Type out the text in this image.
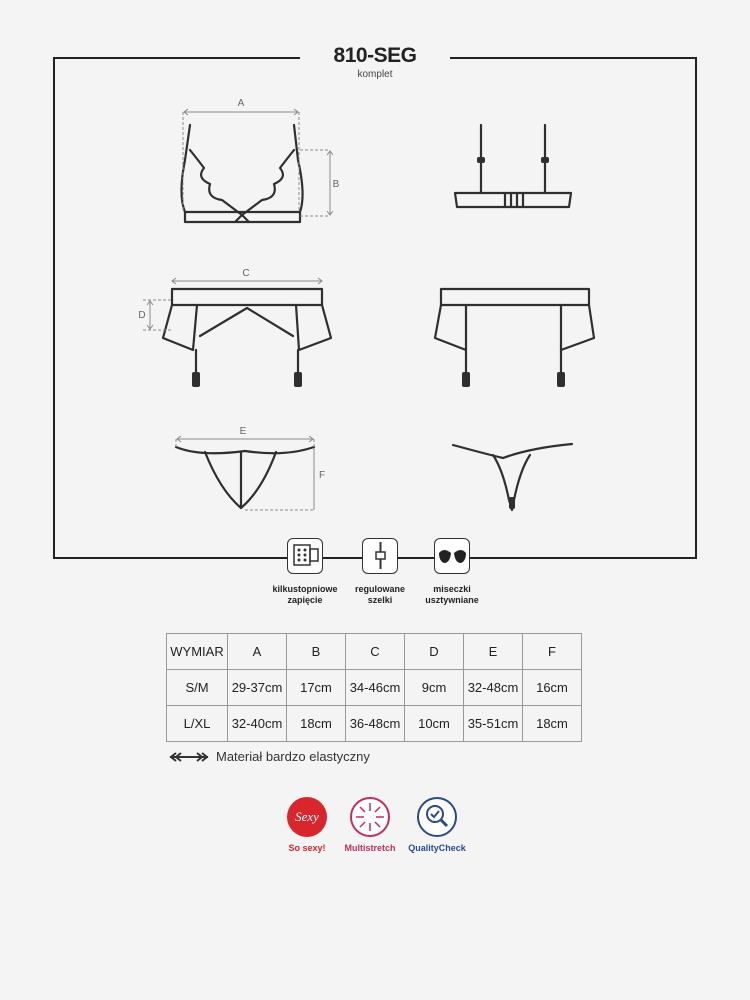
810-SEG
komplet
A
B
C
D
E
F
kilkustopniowe
zapięcie
regulowane
szelki
miseczki
usztywniane
WYMIAR	A	B	C	D	E	F
S/M	29-37cm	17cm	34-46cm	9cm	32-48cm	16cm
L/XL	32-40cm	18cm	36-48cm	10cm	35-51cm	18cm
Materiał bardzo elastyczny
Sexy
So sexy!	Multistretch	QualityCheck
